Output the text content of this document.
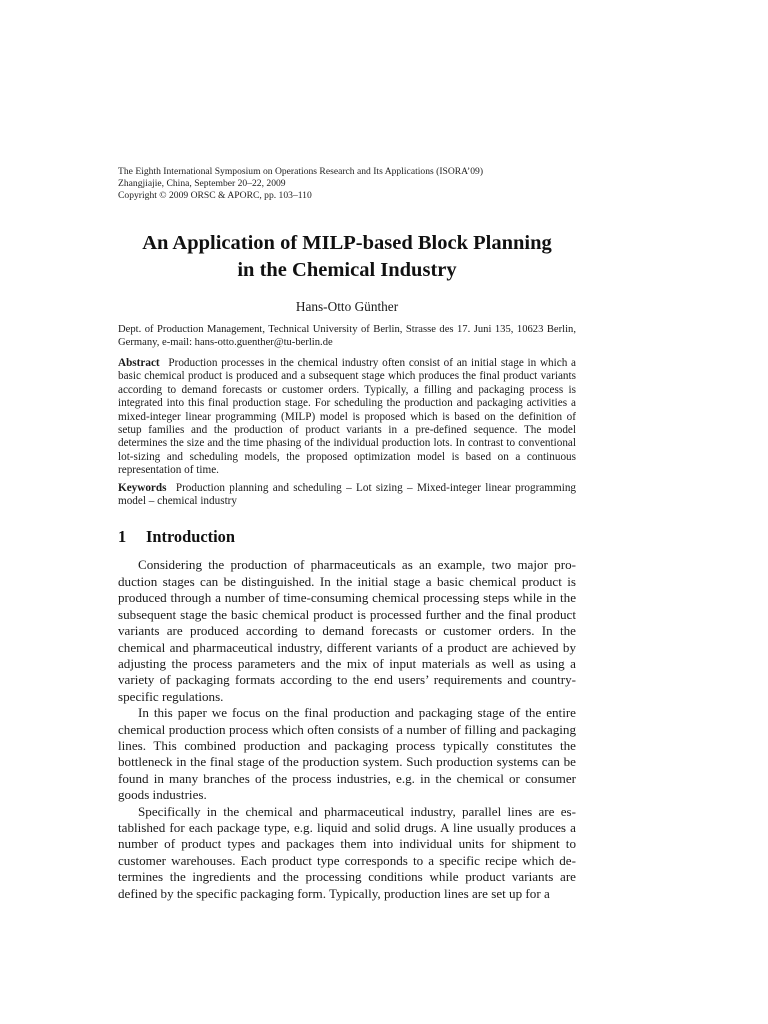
The Eighth International Symposium on Operations Research and Its Applications (ISORA’09)
Zhangjiajie, China, September 20–22, 2009
Copyright © 2009 ORSC & APORC, pp. 103–110
An Application of MILP-based Block Planning
in the Chemical Industry
Hans-Otto Günther
Dept. of Production Management, Technical University of Berlin, Strasse des 17. Juni 135, 10623 Berlin, Germany, e-mail: hans-otto.guenther@tu-berlin.de
Abstract Production processes in the chemical industry often consist of an initial stage in which a basic chemical product is produced and a subsequent stage which produces the final product variants according to demand forecasts or customer orders. Typically, a filling and packaging process is integrated into this final production stage. For scheduling the production and packaging activities a mixed-integer linear programming (MILP) model is proposed which is based on the definition of setup families and the production of product variants in a pre-defined sequence. The model determines the size and the time phasing of the individual production lots. In contrast to conventional lot-sizing and scheduling models, the proposed optimization model is based on a continuous representation of time.
Keywords Production planning and scheduling – Lot sizing – Mixed-integer linear programming model – chemical industry
1 Introduction

Considering the production of pharmaceuticals as an example, two major production stages can be distinguished. In the initial stage a basic chemical product is produced through a number of time-consuming chemical processing steps while in the subsequent stage the basic chemical product is processed further and the final product variants are produced according to demand forecasts or customer orders. In the chemical and pharmaceutical industry, different variants of a product are achieved by adjusting the process parameters and the mix of input materials as well as using a variety of packaging formats according to the end users’ requirements and country-specific regulations.

In this paper we focus on the final production and packaging stage of the entire chemical production process which often consists of a number of filling and packaging lines. This combined production and packaging process typically constitutes the bottleneck in the final stage of the production system. Such production systems can be found in many branches of the process industries, e.g. in the chemical or consumer goods industries.

Specifically in the chemical and pharmaceutical industry, parallel lines are established for each package type, e.g. liquid and solid drugs. A line usually produces a number of product types and packages them into individual units for shipment to customer warehouses. Each product type corresponds to a specific recipe which determines the ingredients and the processing conditions while product variants are defined by the specific packaging form. Typically, production lines are set up for a
